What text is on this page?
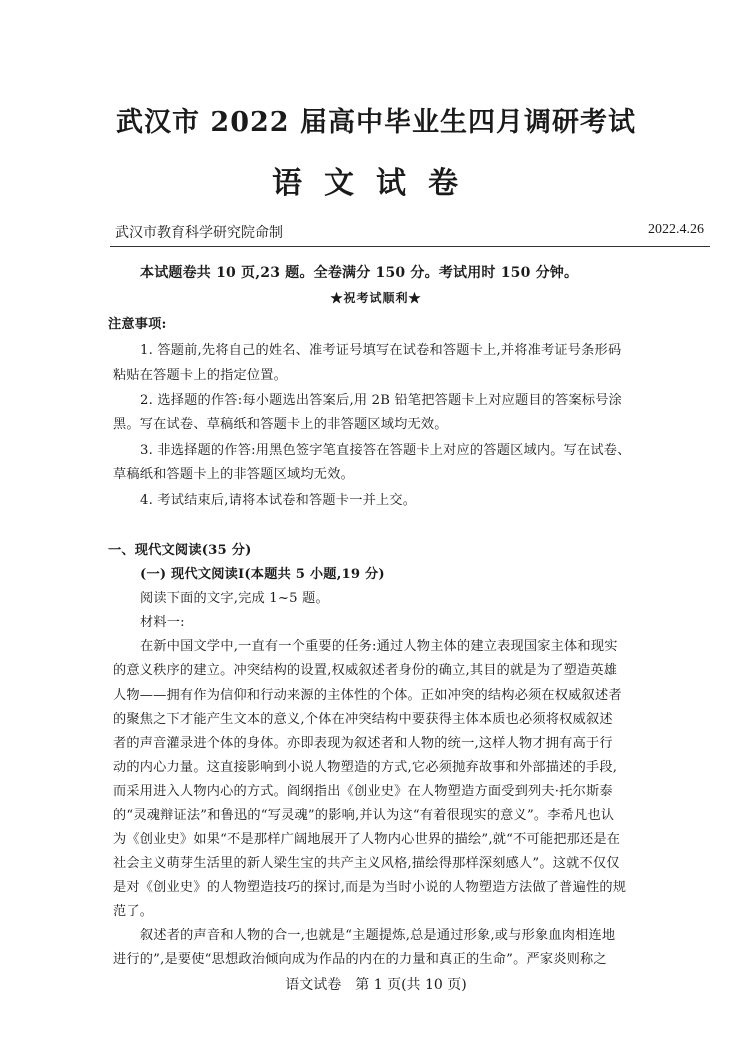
武汉市 2022 届高中毕业生四月调研考试
语文试卷
武汉市教育科学研究院命制	2022.4.26
本试题卷共 10 页,23 题。全卷满分 150 分。考试用时 150 分钟。
★祝考试顺利★
注意事项:
1. 答题前,先将自己的姓名、准考证号填写在试卷和答题卡上,并将准考证号条形码
粘贴在答题卡上的指定位置。
2. 选择题的作答:每小题选出答案后,用 2B 铅笔把答题卡上对应题目的答案标号涂
黑。写在试卷、草稿纸和答题卡上的非答题区域均无效。
3. 非选择题的作答:用黑色签字笔直接答在答题卡上对应的答题区域内。写在试卷、
草稿纸和答题卡上的非答题区域均无效。
4. 考试结束后,请将本试卷和答题卡一并上交。
一、现代文阅读(35 分)
(一) 现代文阅读Ⅰ(本题共 5 小题,19 分)
阅读下面的文字,完成 1~5 题。
材料一:
在新中国文学中,一直有一个重要的任务:通过人物主体的建立表现国家主体和现实
的意义秩序的建立。冲突结构的设置,权威叙述者身份的确立,其目的就是为了塑造英雄
人物——拥有作为信仰和行动来源的主体性的个体。正如冲突的结构必须在权威叙述者
的聚焦之下才能产生文本的意义,个体在冲突结构中要获得主体本质也必须将权威叙述
者的声音灌录进个体的身体。亦即表现为叙述者和人物的统一,这样人物才拥有高于行
动的内心力量。这直接影响到小说人物塑造的方式,它必须抛弃故事和外部描述的手段,
而采用进入人物内心的方式。阎纲指出《创业史》在人物塑造方面受到列夫·托尔斯泰
的“灵魂辩证法”和鲁迅的“写灵魂”的影响,并认为这“有着很现实的意义”。李希凡也认
为《创业史》如果“不是那样广阔地展开了人物内心世界的描绘”,就“不可能把那还是在
社会主义萌芽生活里的新人梁生宝的共产主义风格,描绘得那样深刻感人”。这就不仅仅
是对《创业史》的人物塑造技巧的探讨,而是为当时小说的人物塑造方法做了普遍性的规
范了。
叙述者的声音和人物的合一,也就是“主题提炼,总是通过形象,或与形象血肉相连地
进行的”,是要使“思想政治倾向成为作品的内在的力量和真正的生命”。严家炎则称之
语文试卷　第 1 页(共 10 页)
